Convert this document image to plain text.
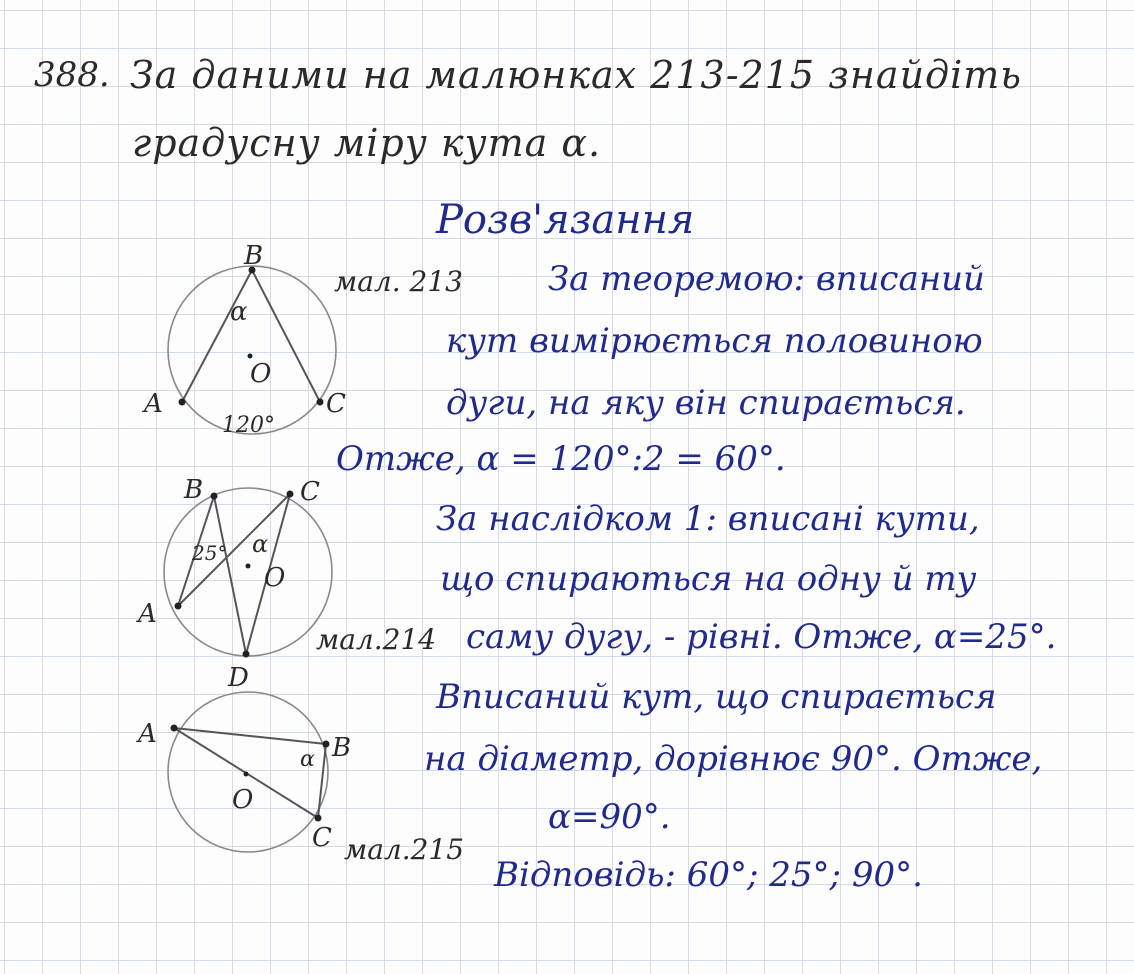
388. За даними на малюнках 213-215 знайдіть
градусну міру кута α.
Розв'язання
мал. 213	За теоремою: вписаний
кут вимірюється половиною
дуги, на яку він спирається.
Отже, α = 120°:2 = 60°.
За наслідком 1: вписані кути,
що спираються на одну й ту
мал.214 саму дугу, - рівні. Отже, α=25°.
Вписаний кут, що спирається
на діаметр, дорівнює 90°. Отже,
α=90°.
мал.215
Відповідь: 60°; 25°; 90°.
B
A	C
O
α
120°
B	C
A
D
O
α
25°
A	B
C
O
α
